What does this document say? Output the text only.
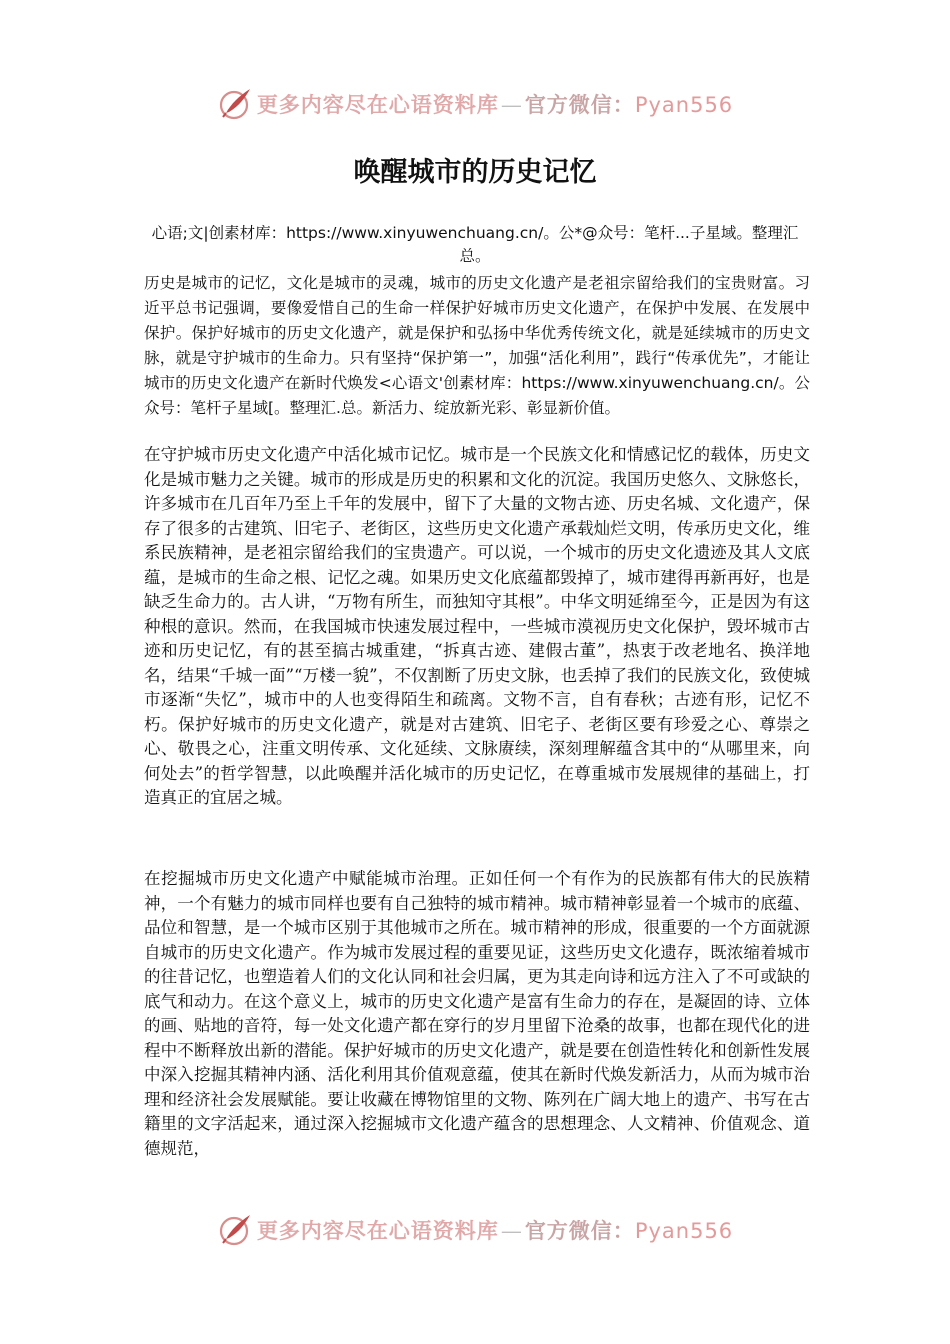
更多内容尽在心语资料库—官方微信：Pyan556
唤醒城市的历史记忆

心语;文|创素材库：https://www.xinyuwenchuang.cn/。公*@众号：笔杆...子星域。整理汇总。

历史是城市的记忆，文化是城市的灵魂，城市的历史文化遗产是老祖宗留给我们的宝贵财富。习近平总书记强调，要像爱惜自己的生命一样保护好城市历史文化遗产，在保护中发展、在发展中保护。保护好城市的历史文化遗产，就是保护和弘扬中华优秀传统文化，就是延续城市的历史文脉，就是守护城市的生命力。只有坚持“保护第一”，加强“活化利用”，践行“传承优先”，才能让城市的历史文化遗产在新时代焕发<心语文'创素材库：https://www.xinyuwenchuang.cn/。公众号：笔杆子星域[。整理汇.总。新活力、绽放新光彩、彰显新价值。

在守护城市历史文化遗产中活化城市记忆。城市是一个民族文化和情感记忆的载体，历史文化是城市魅力之关键。城市的形成是历史的积累和文化的沉淀。我国历史悠久、文脉悠长，许多城市在几百年乃至上千年的发展中，留下了大量的文物古迹、历史名城、文化遗产，保存了很多的古建筑、旧宅子、老街区，这些历史文化遗产承载灿烂文明，传承历史文化，维系民族精神，是老祖宗留给我们的宝贵遗产。可以说，一个城市的历史文化遗迹及其人文底蕴，是城市的生命之根、记忆之魂。如果历史文化底蕴都毁掉了，城市建得再新再好，也是缺乏生命力的。古人讲，“万物有所生，而独知守其根”。中华文明延绵至今，正是因为有这种根的意识。然而，在我国城市快速发展过程中，一些城市漠视历史文化保护，毁坏城市古迹和历史记忆，有的甚至搞古城重建，“拆真古迹、建假古董”，热衷于改老地名、换洋地名，结果“千城一面”“万楼一貌”，不仅割断了历史文脉，也丢掉了我们的民族文化，致使城市逐渐“失忆”，城市中的人也变得陌生和疏离。文物不言，自有春秋；古迹有形，记忆不朽。保护好城市的历史文化遗产，就是对古建筑、旧宅子、老街区要有珍爱之心、尊崇之心、敬畏之心，注重文明传承、文化延续、文脉赓续，深刻理解蕴含其中的“从哪里来，向何处去”的哲学智慧，以此唤醒并活化城市的历史记忆，在尊重城市发展规律的基础上，打造真正的宜居之城。

在挖掘城市历史文化遗产中赋能城市治理。正如任何一个有作为的民族都有伟大的民族精神，一个有魅力的城市同样也要有自己独特的城市精神。城市精神彰显着一个城市的底蕴、品位和智慧，是一个城市区别于其他城市之所在。城市精神的形成，很重要的一个方面就源自城市的历史文化遗产。作为城市发展过程的重要见证，这些历史文化遗存，既浓缩着城市的往昔记忆，也塑造着人们的文化认同和社会归属，更为其走向诗和远方注入了不可或缺的底气和动力。在这个意义上，城市的历史文化遗产是富有生命力的存在，是凝固的诗、立体的画、贴地的音符，每一处文化遗产都在穿行的岁月里留下沧桑的故事，也都在现代化的进程中不断释放出新的潜能。保护好城市的历史文化遗产，就是要在创造性转化和创新性发展中深入挖掘其精神内涵、活化利用其价值观意蕴，使其在新时代焕发新活力，从而为城市治理和经济社会发展赋能。要让收藏在博物馆里的文物、陈列在广阔大地上的遗产、书写在古籍里的文字活起来，通过深入挖掘城市文化遗产蕴含的思想理念、人文精神、价值观念、道德规范，

更多内容尽在心语资料库—官方微信：Pyan556
